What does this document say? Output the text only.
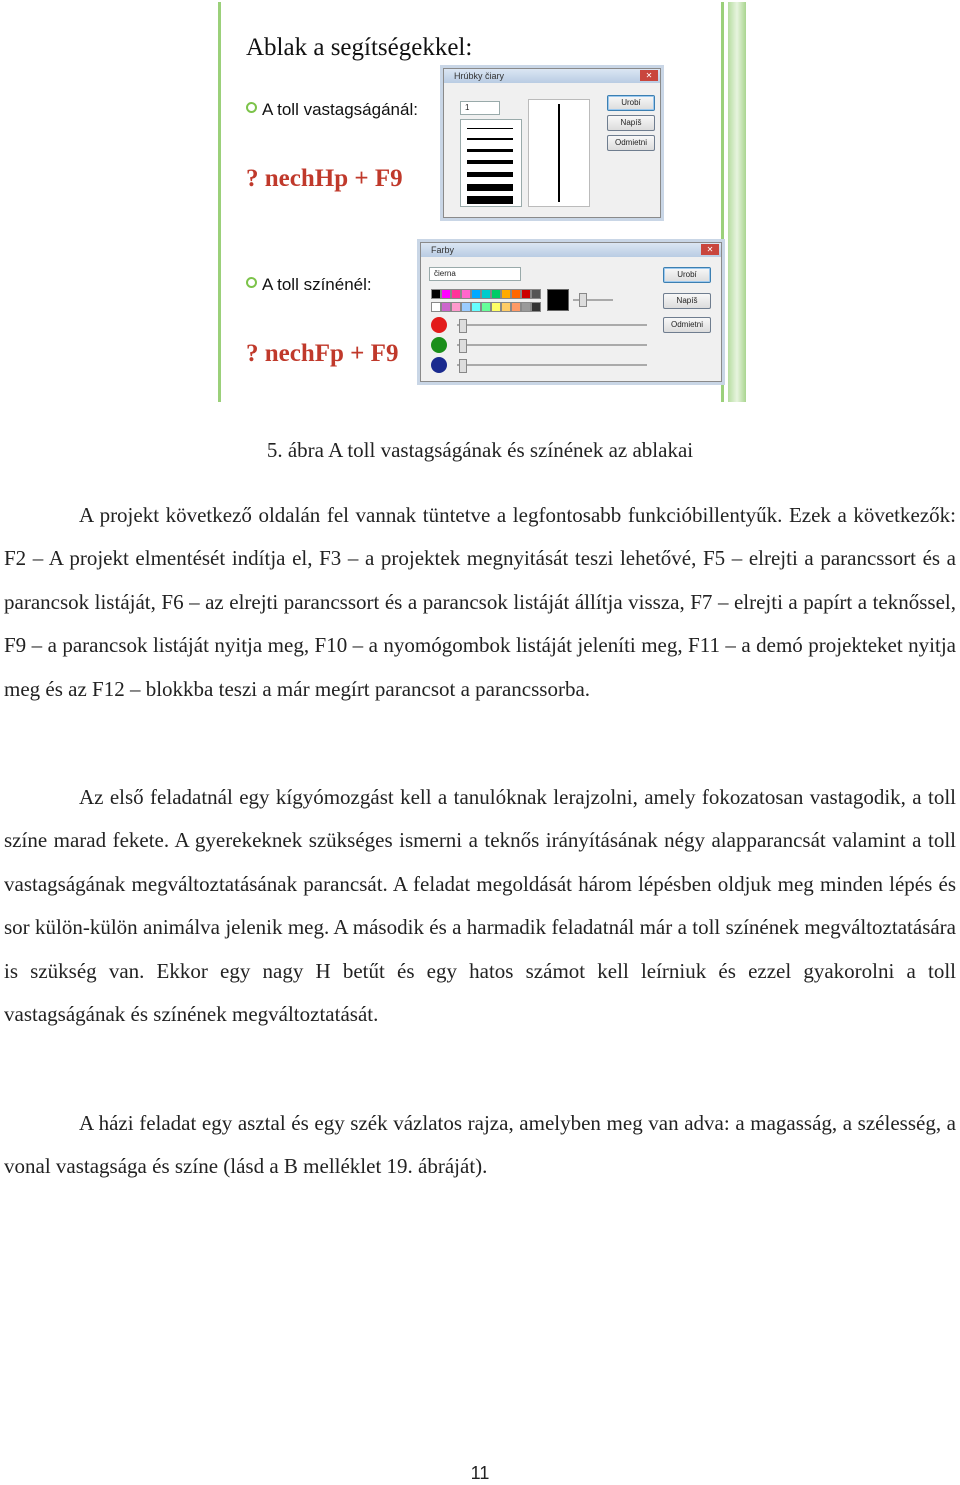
Ablak a segítségekkel:
A toll vastagságánál:
? nechHp + F9
A toll színénél:
? nechFp + F9
Hrúbky čiary	✕
1
Urobí
Napíš
Odmietni
Farby	✕
čierna	Urobí
Napíš
Odmietni
5. ábra A toll vastagságának és színének az ablakai

A projekt következő oldalán fel vannak tüntetve a legfontosabb funkcióbillentyűk. Ezek a következők: F2 – A projekt elmentését indítja el, F3 – a projektek megnyitását teszi lehetővé, F5 – elrejti a parancssort és a parancsok listáját, F6 – az elrejti parancssort és a parancsok listáját állítja vissza, F7 – elrejti a papírt a teknőssel, F9 – a parancsok listáját nyitja meg, F10 – a nyomógombok listáját jeleníti meg, F11 – a demó projekteket nyitja meg és az F12 – blokkba teszi a már megírt parancsot a parancssorba.

Az első feladatnál egy kígyómozgást kell a tanulóknak lerajzolni, amely fokozatosan vastagodik, a toll színe marad fekete. A gyerekeknek szükséges ismerni a teknős irányításának négy alapparancsát valamint a toll vastagságának megváltoztatásának parancsát. A feladat megoldását három lépésben oldjuk meg minden lépés és sor külön-külön animálva jelenik meg. A második és a harmadik feladatnál már a toll színének megváltoztatására is szükség van. Ekkor egy nagy H betűt és egy hatos számot kell leírniuk és ezzel gyakorolni a toll vastagságának és színének megváltoztatását.

A házi feladat egy asztal és egy szék vázlatos rajza, amelyben meg van adva: a magasság, a szélesség, a vonal vastagsága és színe (lásd a B melléklet 19. ábráját).

11
